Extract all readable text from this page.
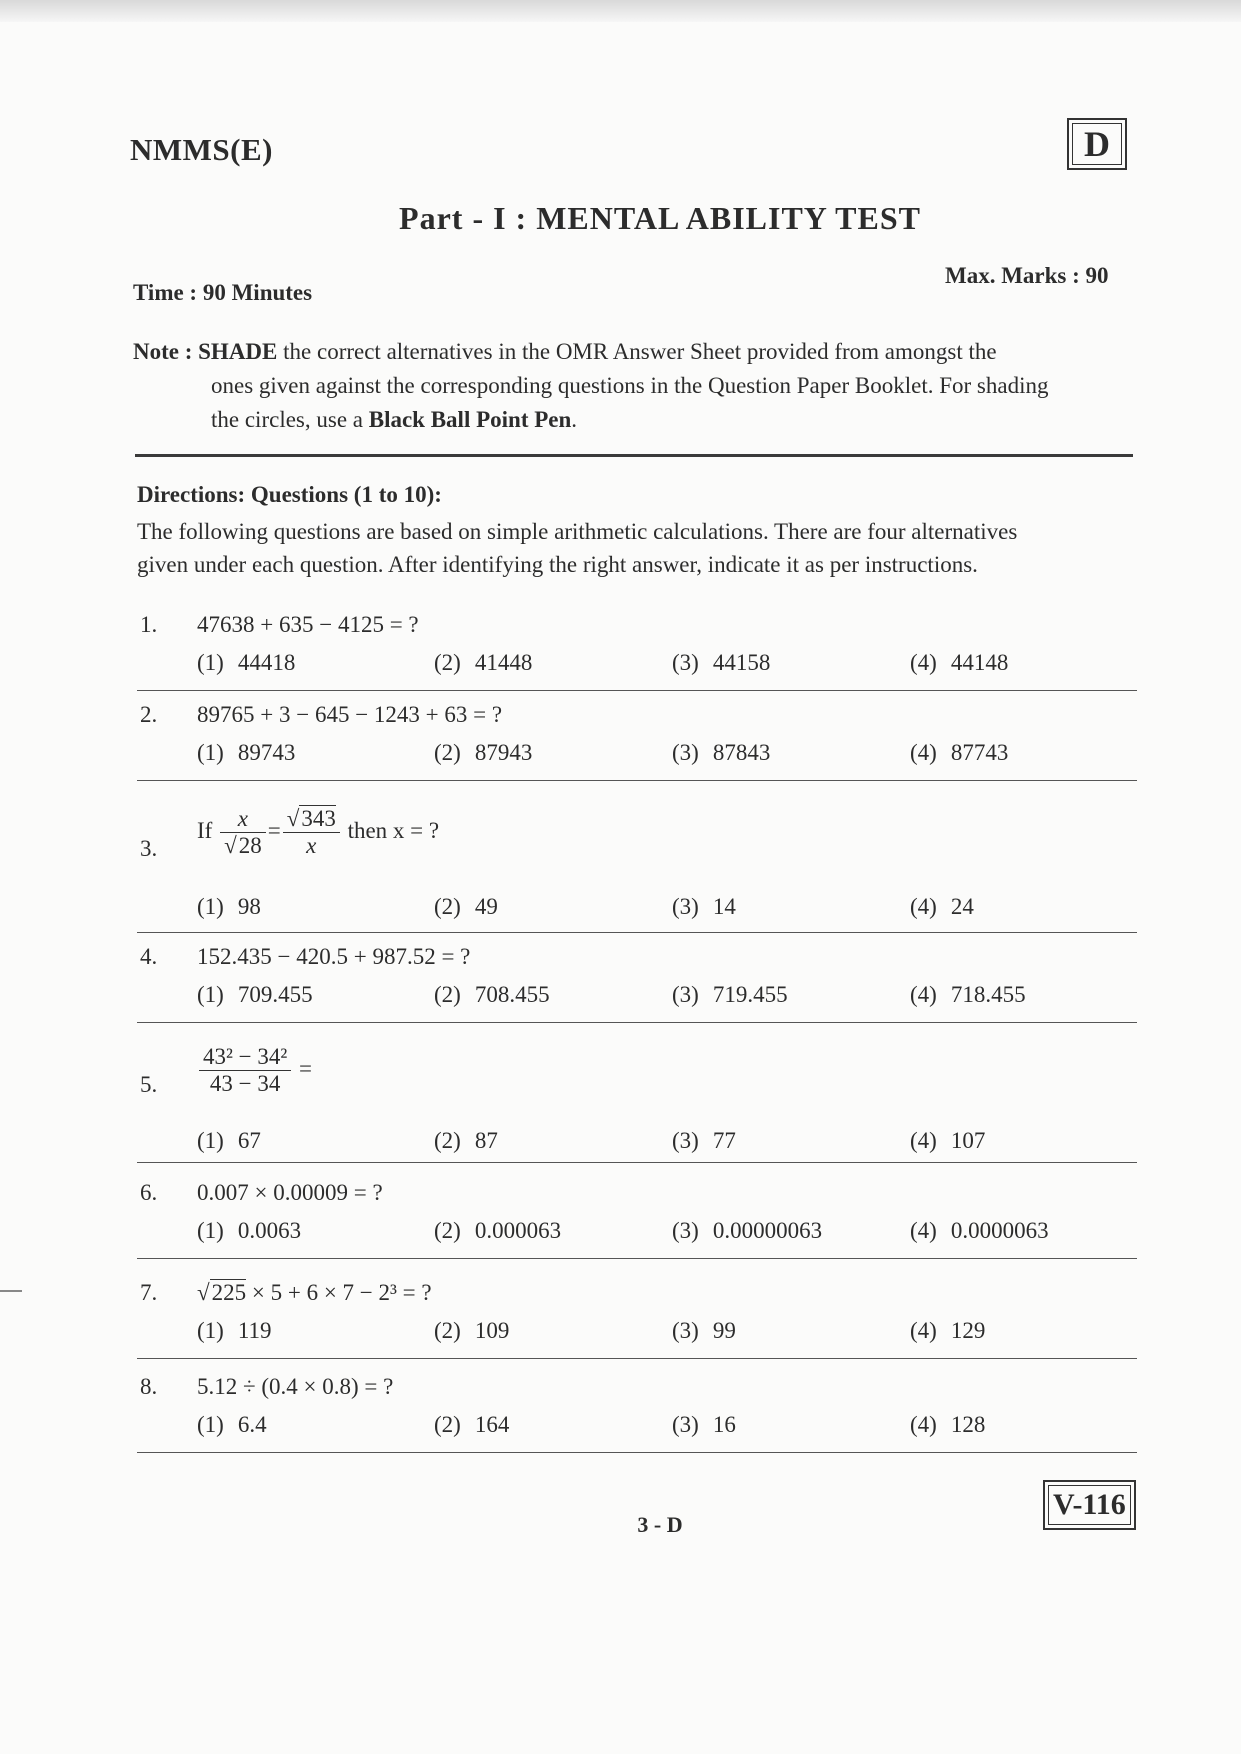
NMMS(E)	D
Part - I : MENTAL ABILITY TEST
Time : 90 Minutes
Max. Marks : 90
Note : SHADE the correct alternatives in the OMR Answer Sheet provided from amongst the
ones given against the corresponding questions in the Question Paper Booklet. For shading
the circles, use a Black Ball Point Pen.
Directions: Questions (1 to 10):
The following questions are based on simple arithmetic calculations. There are four alternatives
given under each question. After identifying the right answer, indicate it as per instructions.
1. 47638 + 635 − 4125 = ?
(1) 44418	(2) 41448	(3) 44158	(4) 44148
2. 89765 + 3 − 645 − 1243 + 63 = ?
(1) 89743	(2) 87943	(3) 87843	(4) 87743
3.
If $\frac{x}{√28} = \frac{√343}{x}$ then x = ?
(1) 98	(2) 49	(3) 14	(4) 24
4. 152.435 − 420.5 + 987.52 = ?
(1) 709.455	(2) 708.455	(3) 719.455	(4) 718.455
5. $\frac{\text{43² − 34²}}{43 - 34}$ =
(1) 67	(2) 87	(3) 77	(4) 107
6. 0.007 × 0.00009 = ?
(1) 0.0063	(2) 0.000063	(3) 0.00000063	(4) 0.0000063
7. √225 × 5 + 6 × 7 − 2³ = ?
(1) 119	(2) 109	(3) 99	(4) 129
8. 5.12 ÷ (0.4 × 0.8) = ?
(1) 6.4	(2) 164	(3) 16	(4) 128
V-116
3 - D
